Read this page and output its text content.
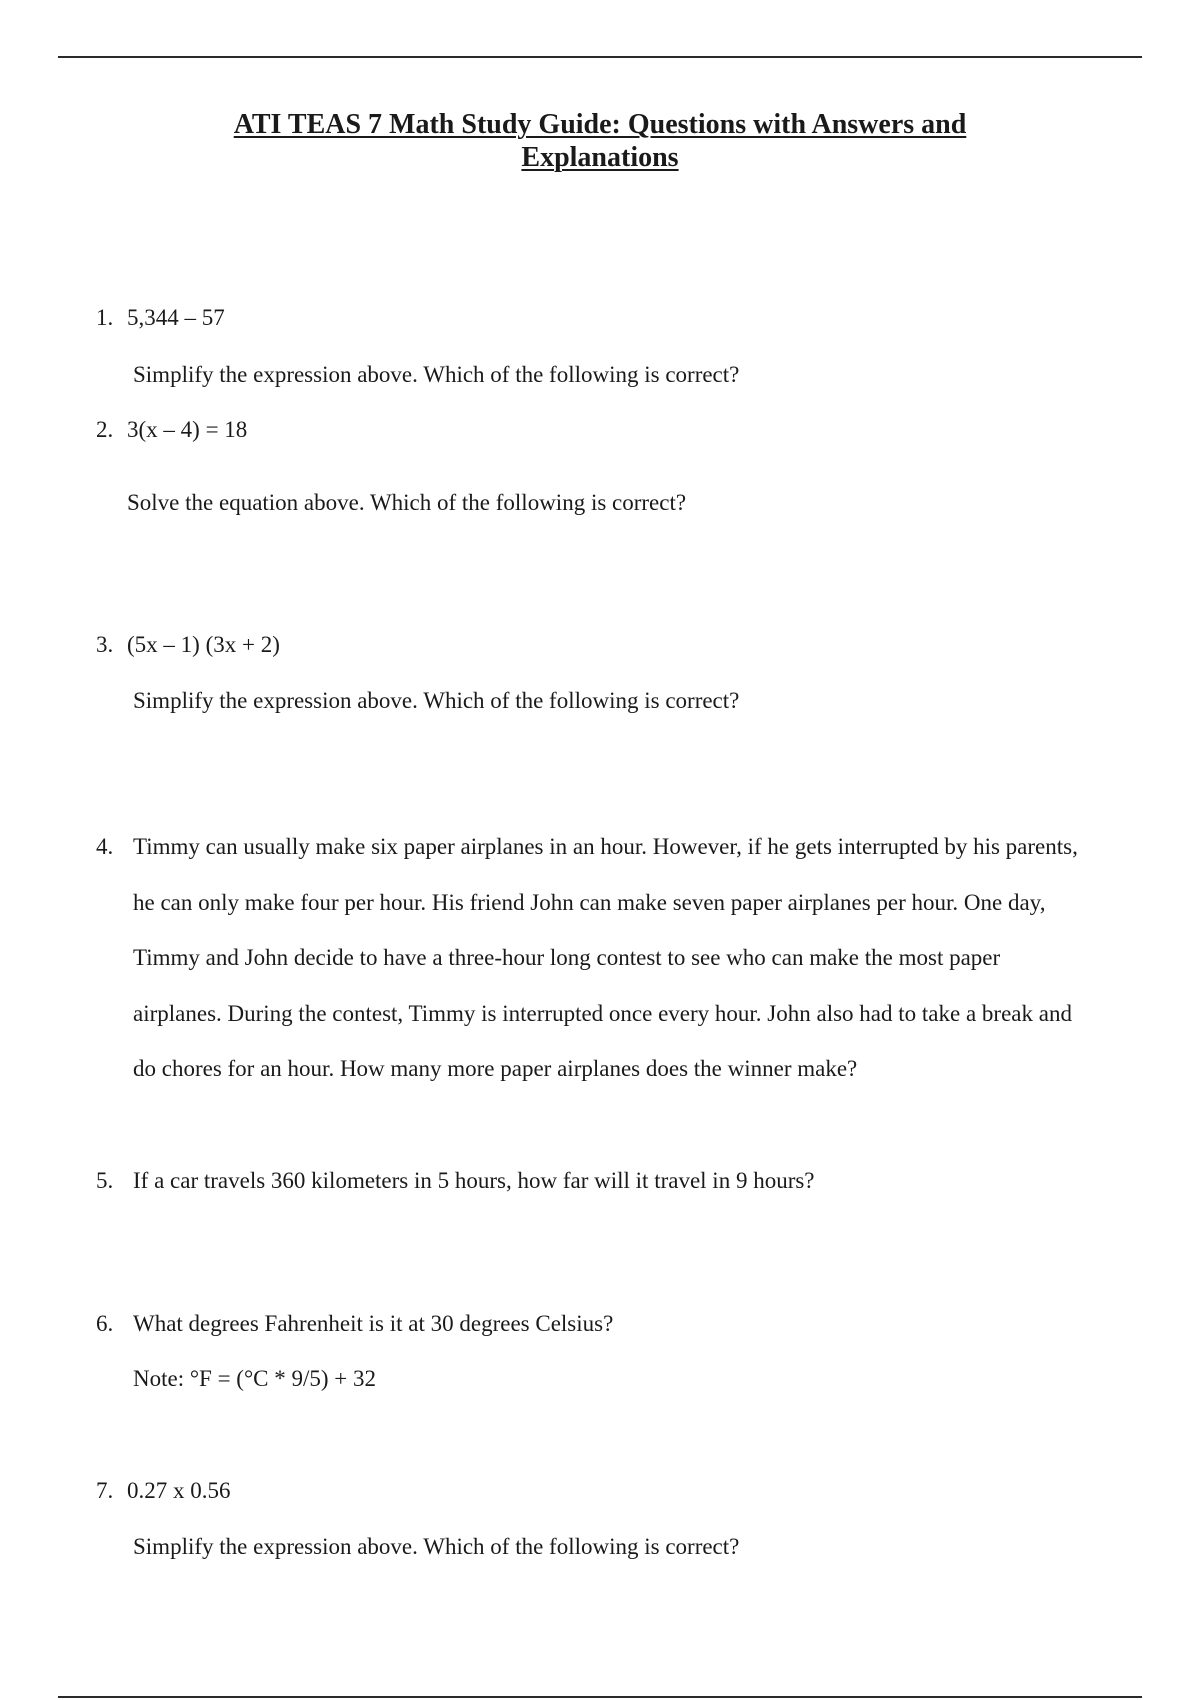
ATI TEAS 7 Math Study Guide: Questions with Answers and
Explanations
1. 5,344 – 57
Simplify the expression above. Which of the following is correct?
2. 3(x – 4) = 18
Solve the equation above. Which of the following is correct?
3. (5x – 1) (3x + 2)
Simplify the expression above. Which of the following is correct?
4. Timmy can usually make six paper airplanes in an hour. However, if he gets interrupted by his parents,
he can only make four per hour. His friend John can make seven paper airplanes per hour. One day,
Timmy and John decide to have a three-hour long contest to see who can make the most paper
airplanes. During the contest, Timmy is interrupted once every hour. John also had to take a break and
do chores for an hour. How many more paper airplanes does the winner make?
5. If a car travels 360 kilometers in 5 hours, how far will it travel in 9 hours?
6. What degrees Fahrenheit is it at 30 degrees Celsius?
Note: °F = (°C * 9/5) + 32
7. 0.27 x 0.56
Simplify the expression above. Which of the following is correct?
